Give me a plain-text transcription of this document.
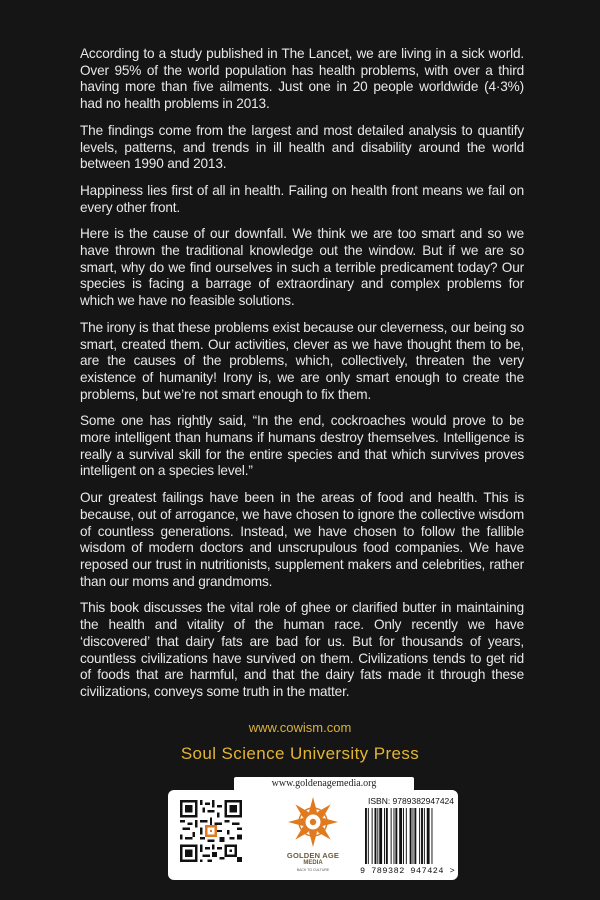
According to a study published in The Lancet, we are living in a sick world. Over 95% of the world population has health problems, with over a third having more than five ailments. Just one in 20 people worldwide (4·3%) had no health problems in 2013.

The findings come from the largest and most detailed analysis to quantify levels, patterns, and trends in ill health and disability around the world between 1990 and 2013.

Happiness lies first of all in health. Failing on health front means we fail on every other front.

Here is the cause of our downfall. We think we are too smart and so we have thrown the traditional knowledge out the window. But if we are so smart, why do we find ourselves in such a terrible predicament today? Our species is facing a barrage of extraordinary and complex problems for which we have no feasible solutions.

The irony is that these problems exist because our cleverness, our being so smart, created them. Our activities, clever as we have thought them to be, are the causes of the problems, which, collectively, threaten the very existence of humanity! Irony is, we are only smart enough to create the problems, but we’re not smart enough to fix them.

Some one has rightly said, “In the end, cockroaches would prove to be more intelligent than humans if humans destroy themselves. Intelligence is really a survival skill for the entire species and that which survives proves intelligent on a species level.”

Our greatest failings have been in the areas of food and health. This is because, out of arrogance, we have chosen to ignore the collective wisdom of countless generations. Instead, we have chosen to follow the fallible wisdom of modern doctors and unscrupulous food companies. We have reposed our trust in nutritionists, supplement makers and celebrities, rather than our moms and grandmoms.

This book discusses the vital role of ghee or clarified butter in maintaining the health and vitality of the human race. Only recently we have ‘discovered’ that dairy fats are bad for us. But for thousands of years, countless civilizations have survived on them. Civilizations tends to get rid of foods that are harmful, and that the dairy fats made it through these civilizations, conveys some truth in the matter.

www.cowism.com
Soul Science University Press
www.goldenagemedia.org
GOLDEN AGE
MEDIA
BACK TO CULTURE
ISBN: 9789382947424
9 789382 947424 >
